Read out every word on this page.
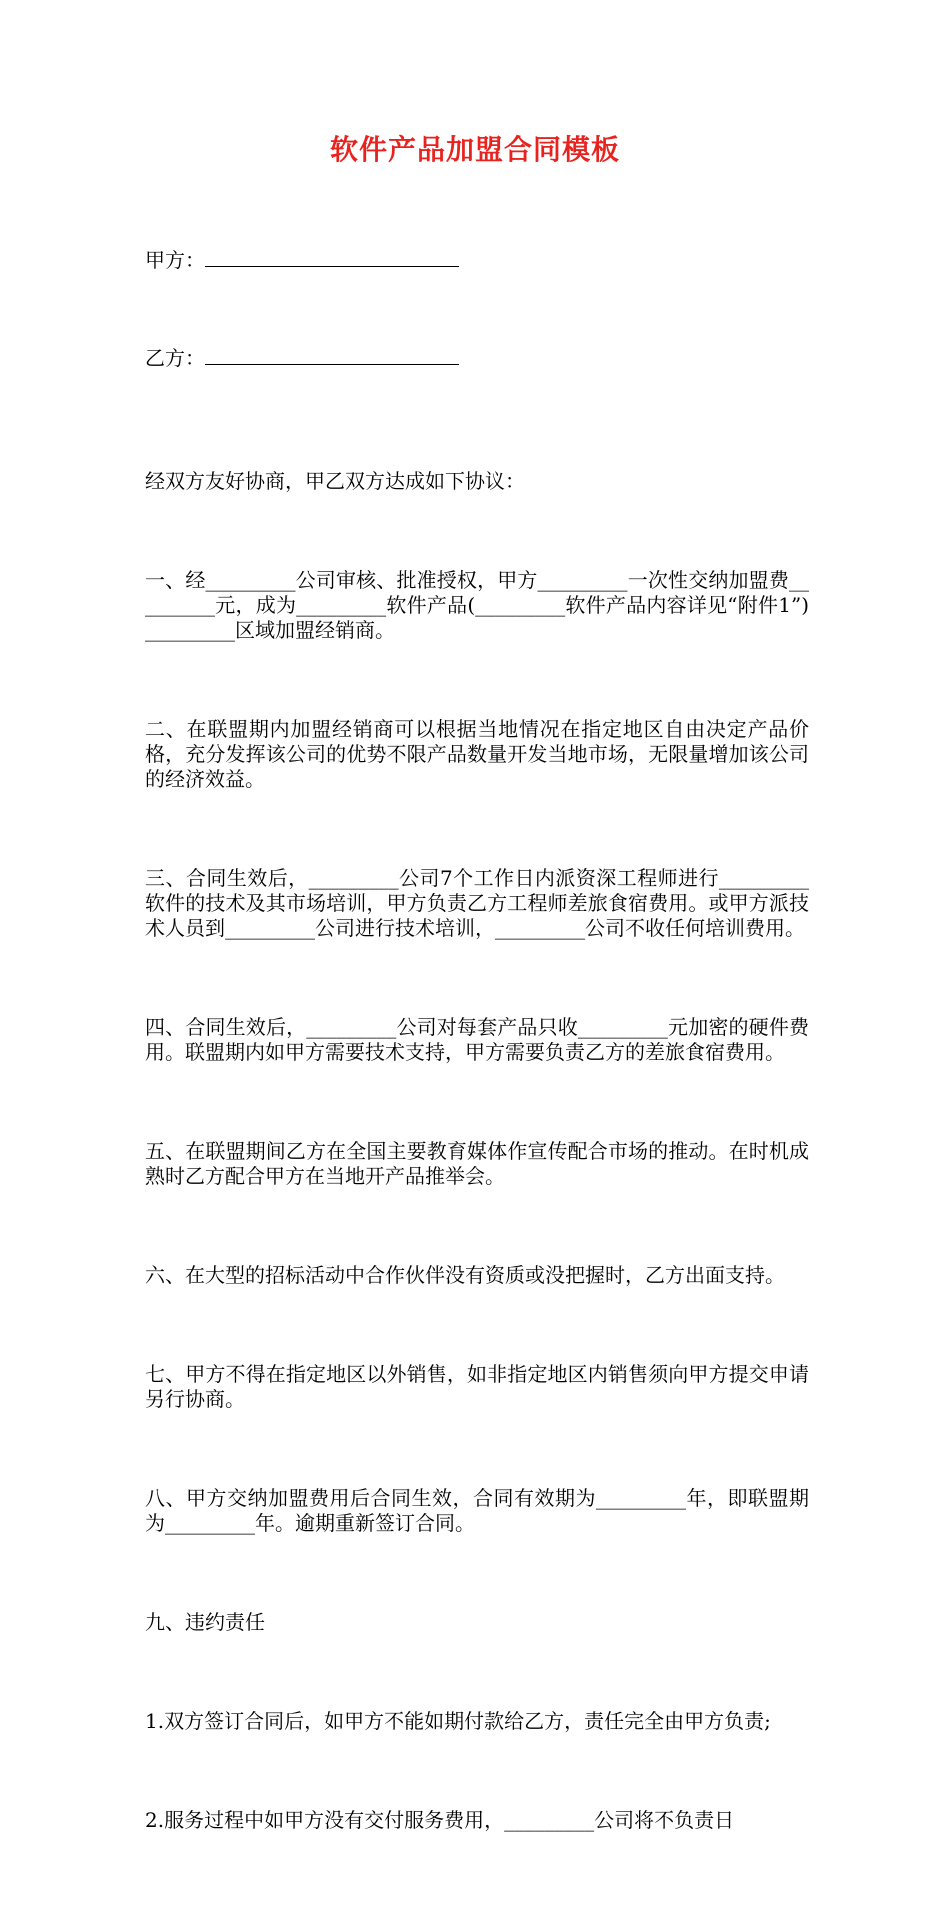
软件产品加盟合同模板

甲方：

乙方：

经双方友好协商，甲乙双方达成如下协议：

一、经_________公司审核、批准授权，甲方_________一次性交纳加盟费_________元，成为_________软件产品(_________软件产品内容详见“附件1”)_________区域加盟经销商。

二、在联盟期内加盟经销商可以根据当地情况在指定地区自由决定产品价格，充分发挥该公司的优势不限产品数量开发当地市场，无限量增加该公司的经济效益。

三、合同生效后，_________公司7个工作日内派资深工程师进行_________软件的技术及其市场培训，甲方负责乙方工程师差旅食宿费用。或甲方派技术人员到_________公司进行技术培训，_________公司不收任何培训费用。

四、合同生效后，_________公司对每套产品只收_________元加密的硬件费用。联盟期内如甲方需要技术支持，甲方需要负责乙方的差旅食宿费用。

五、在联盟期间乙方在全国主要教育媒体作宣传配合市场的推动。在时机成熟时乙方配合甲方在当地开产品推举会。

六、在大型的招标活动中合作伙伴没有资质或没把握时，乙方出面支持。

七、甲方不得在指定地区以外销售，如非指定地区内销售须向甲方提交申请另行协商。

八、甲方交纳加盟费用后合同生效，合同有效期为_________年，即联盟期为_________年。逾期重新签订合同。

九、违约责任

1.双方签订合同后，如甲方不能如期付款给乙方，责任完全由甲方负责;

2.服务过程中如甲方没有交付服务费用，_________公司将不负责日
